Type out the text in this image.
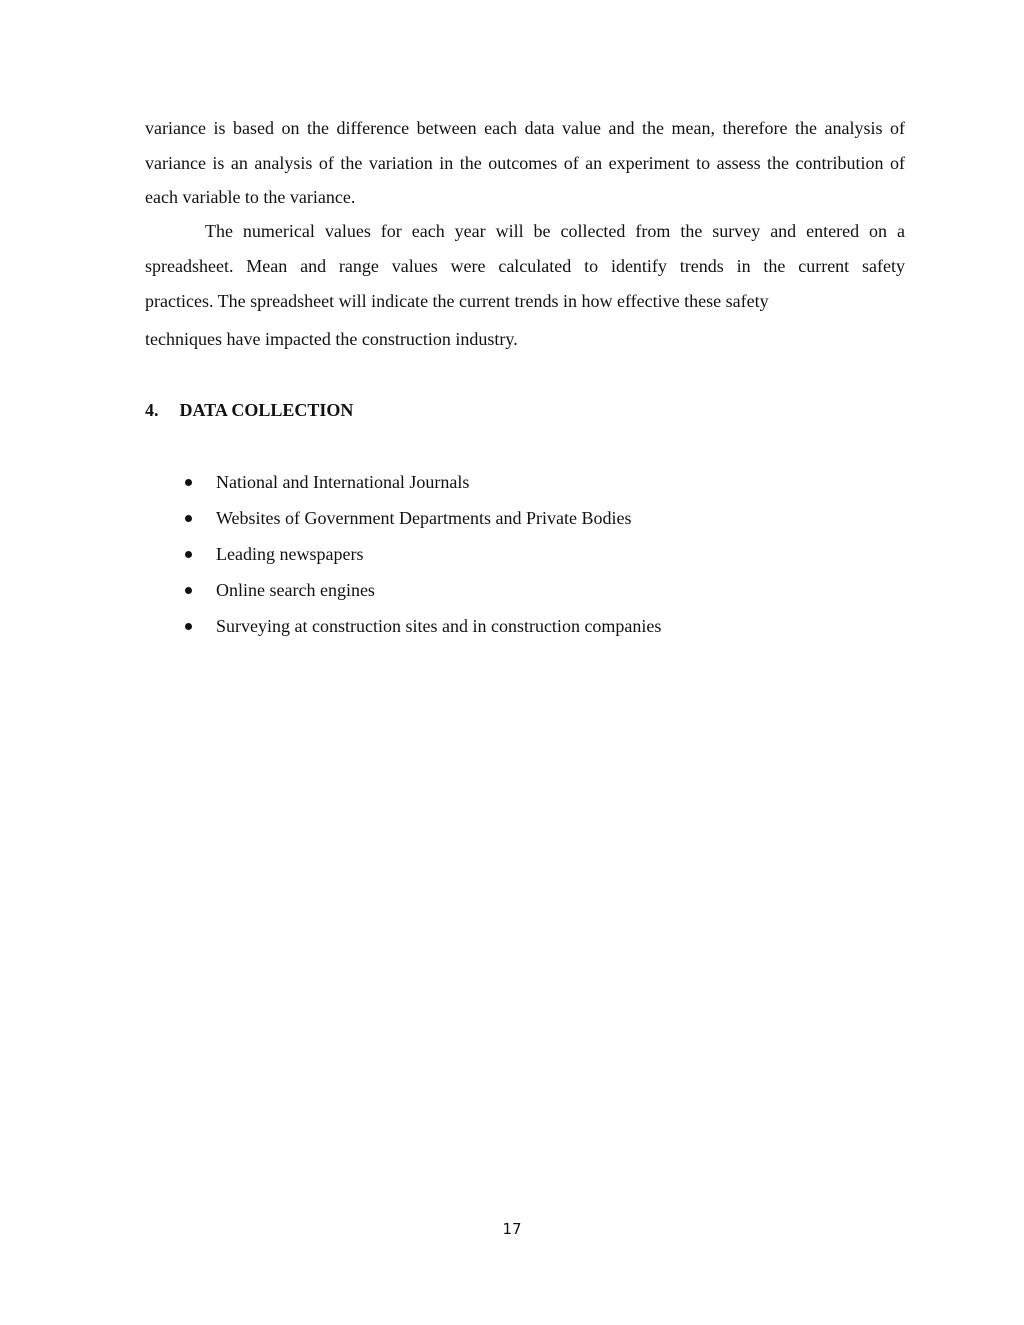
variance is based on the difference between each data value and the mean, therefore the analysis of variance is an analysis of the variation in the outcomes of an experiment to assess the contribution of each variable to the variance.

The numerical values for each year will be collected from the survey and entered on a spreadsheet. Mean and range values were calculated to identify trends in the current safety

practices. The spreadsheet will indicate the current trends in how effective these safety

techniques have impacted the construction industry.

4. DATA COLLECTION
National and International Journals
Websites of Government Departments and Private Bodies
Leading newspapers
Online search engines
Surveying at construction sites and in construction companies
17
